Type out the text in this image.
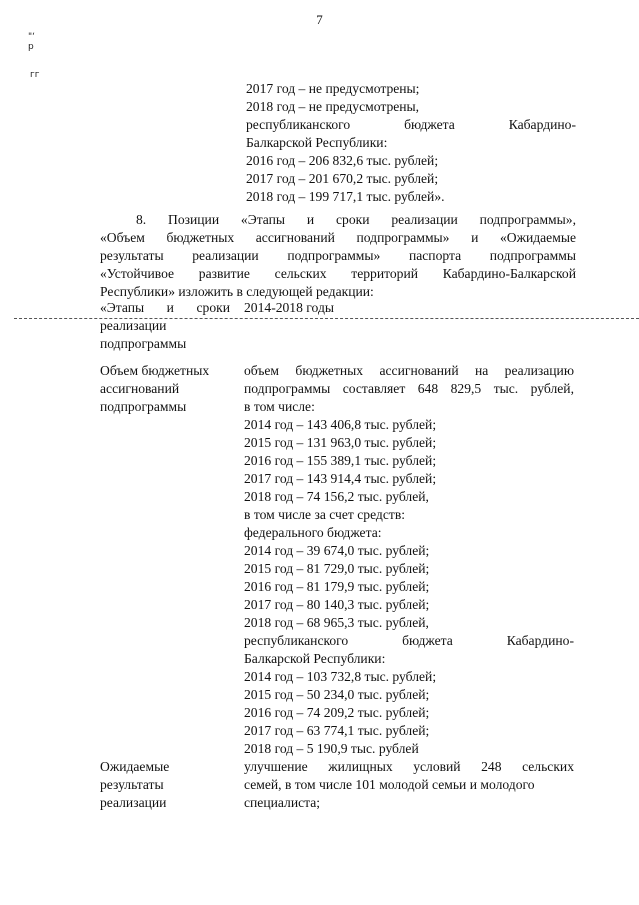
"‘ р
гг
7
2017 год – не предусмотрены;
2018 год – не предусмотрены,
республиканского бюджета Кабардино-
Балкарской Республики:
2016 год – 206 832,6 тыс. рублей;
2017 год – 201 670,2 тыс. рублей;
2018 год – 199 717,1 тыс. рублей».
8. Позиции «Этапы и сроки реализации подпрограммы»,
«Объем бюджетных ассигнований подпрограммы» и «Ожидаемые
результаты реализации подпрограммы» паспорта подпрограммы
«Устойчивое развитие сельских территорий Кабардино-Балкарской
Республики» изложить в следующей редакции:
«Этапы и сроки
реализации
подпрограммы
2014-2018 годы
Объем бюджетных
ассигнований
подпрограммы
объем бюджетных ассигнований на реализацию
подпрограммы составляет 648 829,5 тыс. рублей,
в том числе:
2014 год – 143 406,8 тыс. рублей;
2015 год – 131 963,0 тыс. рублей;
2016 год – 155 389,1 тыс. рублей;
2017 год – 143 914,4 тыс. рублей;
2018 год – 74 156,2 тыс. рублей,
в том числе за счет средств:
федерального бюджета:
2014 год – 39 674,0 тыс. рублей;
2015 год – 81 729,0 тыс. рублей;
2016 год – 81 179,9 тыс. рублей;
2017 год – 80 140,3 тыс. рублей;
2018 год – 68 965,3 тыс. рублей,
республиканского бюджета Кабардино-
Балкарской Республики:
2014 год – 103 732,8 тыс. рублей;
2015 год – 50 234,0 тыс. рублей;
2016 год – 74 209,2 тыс. рублей;
2017 год – 63 774,1 тыс. рублей;
2018 год – 5 190,9 тыс. рублей
Ожидаемые
результаты
реализации
улучшение жилищных условий 248 сельских
семей, в том числе 101 молодой семьи и молодого
специалиста;
